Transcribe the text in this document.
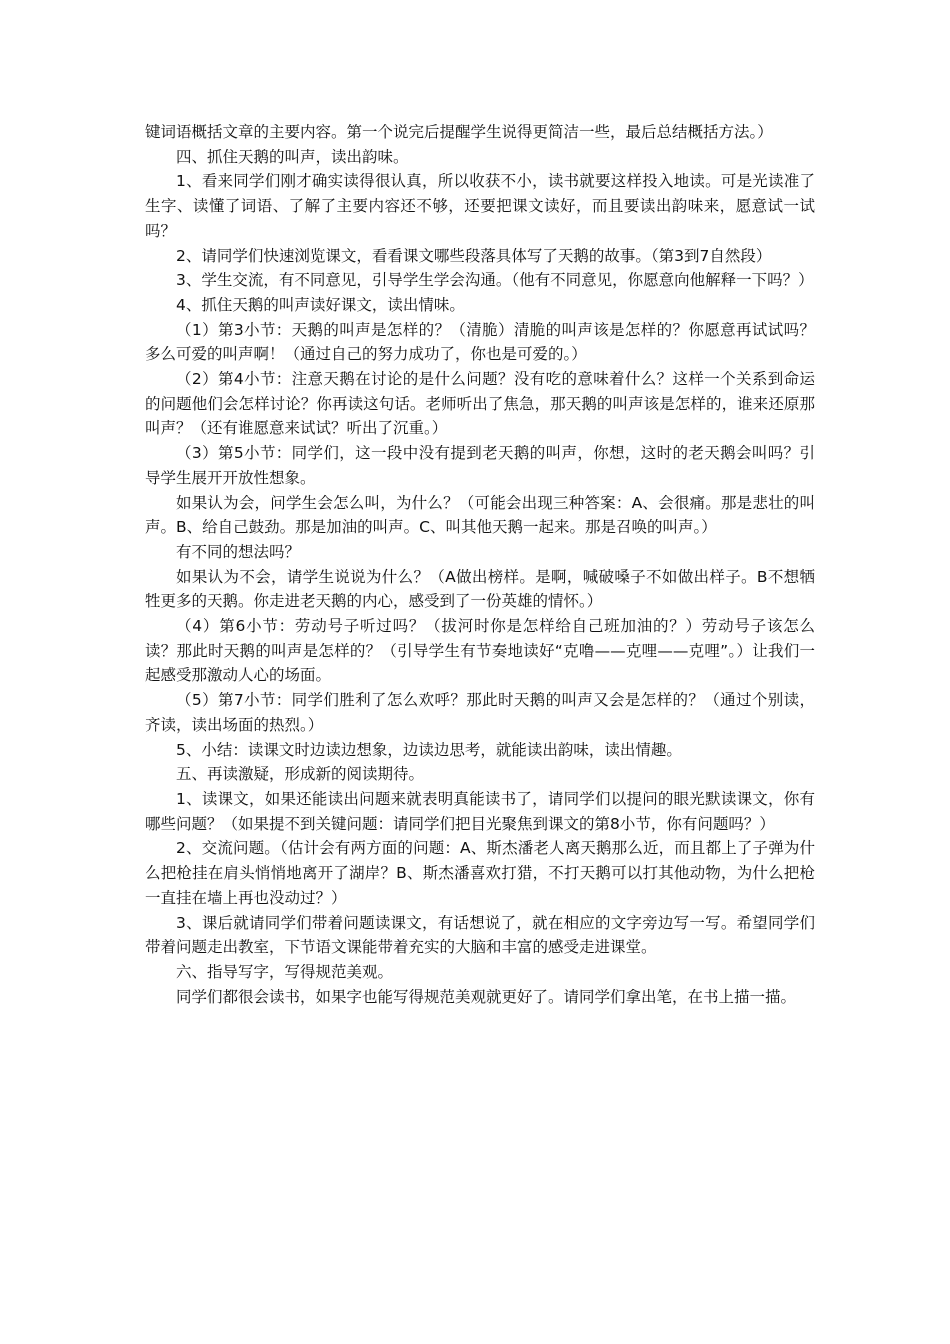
键词语概括文章的主要内容。第一个说完后提醒学生说得更简洁一些，最后总结概括方法。）

四、抓住天鹅的叫声，读出韵味。

1、看来同学们刚才确实读得很认真，所以收获不小，读书就要这样投入地读。可是光读准了生字、读懂了词语、了解了主要内容还不够，还要把课文读好，而且要读出韵味来，愿意试一试吗？

2、请同学们快速浏览课文，看看课文哪些段落具体写了天鹅的故事。（第3到7自然段）

3、学生交流，有不同意见，引导学生学会沟通。（他有不同意见，你愿意向他解释一下吗？）

4、抓住天鹅的叫声读好课文，读出情味。

（1）第3小节：天鹅的叫声是怎样的？（清脆）清脆的叫声该是怎样的？你愿意再试试吗？多么可爱的叫声啊！（通过自己的努力成功了，你也是可爱的。）

（2）第4小节：注意天鹅在讨论的是什么问题？没有吃的意味着什么？这样一个关系到命运的问题他们会怎样讨论？你再读这句话。老师听出了焦急，那天鹅的叫声该是怎样的，谁来还原那叫声？（还有谁愿意来试试？听出了沉重。）

（3）第5小节：同学们，这一段中没有提到老天鹅的叫声，你想，这时的老天鹅会叫吗？引导学生展开开放性想象。

如果认为会，问学生会怎么叫，为什么？（可能会出现三种答案：A、会很痛。那是悲壮的叫声。B、给自己鼓劲。那是加油的叫声。C、叫其他天鹅一起来。那是召唤的叫声。）

有不同的想法吗？

如果认为不会，请学生说说为什么？（A做出榜样。是啊，喊破嗓子不如做出样子。B不想牺牲更多的天鹅。你走进老天鹅的内心，感受到了一份英雄的情怀。）

（4）第6小节：劳动号子听过吗？（拔河时你是怎样给自己班加油的？）劳动号子该怎么读？那此时天鹅的叫声是怎样的？（引导学生有节奏地读好“克噜——克哩——克哩”。）让我们一起感受那激动人心的场面。

（5）第7小节：同学们胜利了怎么欢呼？那此时天鹅的叫声又会是怎样的？（通过个别读，齐读，读出场面的热烈。）

5、小结：读课文时边读边想象，边读边思考，就能读出韵味，读出情趣。

五、再读激疑，形成新的阅读期待。

1、读课文，如果还能读出问题来就表明真能读书了，请同学们以提问的眼光默读课文，你有哪些问题？（如果提不到关键问题：请同学们把目光聚焦到课文的第8小节，你有问题吗？）

2、交流问题。（估计会有两方面的问题：A、斯杰潘老人离天鹅那么近，而且都上了子弹为什么把枪挂在肩头悄悄地离开了湖岸？B、斯杰潘喜欢打猎，不打天鹅可以打其他动物，为什么把枪一直挂在墙上再也没动过？）

3、课后就请同学们带着问题读课文，有话想说了，就在相应的文字旁边写一写。希望同学们带着问题走出教室，下节语文课能带着充实的大脑和丰富的感受走进课堂。

六、指导写字，写得规范美观。

同学们都很会读书，如果字也能写得规范美观就更好了。请同学们拿出笔，在书上描一描。
